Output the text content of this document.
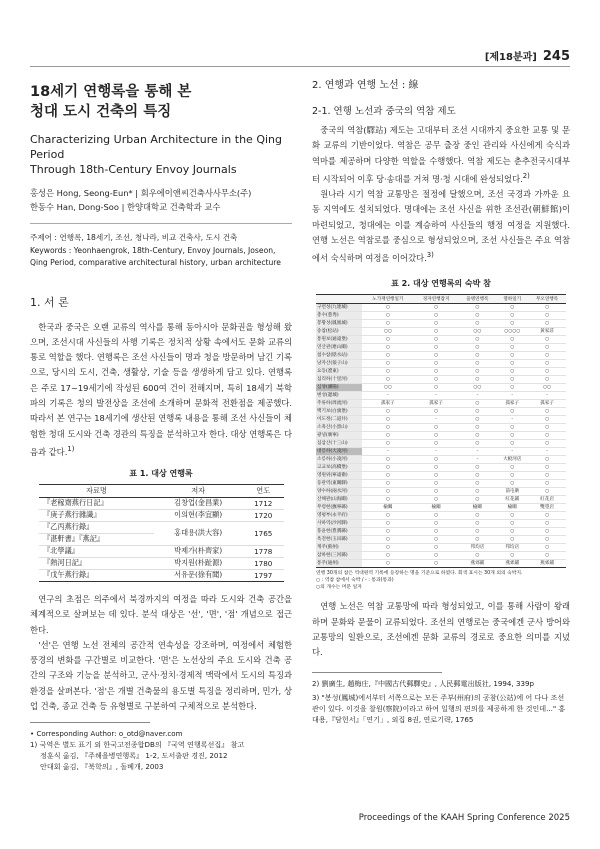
[제18분과] 245
18세기 연행록을 통해 본
청대 도시 건축의 특징
Characterizing Urban Architecture in the Qing Period
Through 18th-Century Envoy Journals
홍성은 Hong, Seong-Eun* | 회우에이앤씨건축사사무소(주)
한동수 Han, Dong-Soo | 한양대학교 건축학과 교수
주제어 : 연행록, 18세기, 조선, 청나라, 비교 건축사, 도시 건축
Keywords : Yeonhaengrok, 18th-Century, Envoy Journals, Joseon, Qing Period, comparative architectural history, urban architecture
1. 서 론

한국과 중국은 오랜 교류의 역사를 통해 동아시아 문화권을 형성해 왔으며, 조선시대 사신들의 사행 기록은 정치적 상황 속에서도 문화 교류의 통로 역할을 했다. 연행록은 조선 사신들이 명과 청을 방문하며 남긴 기록으로, 당시의 도시, 건축, 생활상, 기술 등을 생생하게 담고 있다. 연행록은 주로 17~19세기에 작성된 600여 건이 전해지며, 특히 18세기 북학파의 기록은 청의 발전상을 조선에 소개하며 문화적 전환점을 제공했다. 따라서 본 연구는 18세기에 생산된 연행록 내용을 통해 조선 사신들이 체험한 청대 도시와 건축 경관의 특징을 분석하고자 한다. 대상 연행록은 다음과 같다.$^{1)}$

표 1. 대상 연행록
자료명	저자	연도
『老稼齋燕行日記』	김창업(金昌業)	1712
『庚子燕行雜識』	이의현(李宜顯)	1720
『乙丙燕行錄』	홍대용(洪大容)	1765
『湛軒書』『燕記』		
『北學議』	박제가(朴齊家)	1778
『熱河日記』	박지원(朴趾源)	1780
『戊午燕行錄』	서유문(徐有聞)	1797

연구의 초점은 의주에서 북경까지의 여정을 따라 도시와 건축 공간을 체계적으로 살펴보는 데 있다. 분석 대상은 '선', '면', '점' 개념으로 접근한다.

'선'은 연행 노선 전체의 공간적 연속성을 강조하며, 여정에서 체험한 풍경의 변화를 구간별로 비교한다. '면'은 노선상의 주요 도시와 건축 공간의 구조와 기능을 분석하고, 군사·정치·경제적 맥락에서 도시의 특징과 환경을 살펴본다. '점'은 개별 건축물의 용도별 특징을 정리하며, 민가, 상업 건축, 종교 건축 등 유형별로 구분하여 구체적으로 분석한다.

• Corresponding Author: o_otd@naver.com
1) 국역은 별도 표기 외 한국고전종합DB의 『국역 연행록선집』 참고
정훈식 옮김, 『주해을병연행록』 1-2, 도서출판 경진, 2012
안대회 옮김, 『북학의』, 돌베개, 2003
2. 연행과 연행 노선 : 線
2-1. 연행 노선과 중국의 역참 제도

중국의 역참(驛站) 제도는 고대부터 조선 시대까지 중요한 교통 및 문화 교류의 기반이었다. 역참은 공무 출장 중인 관리와 사신에게 숙식과 역마를 제공하며 다양한 역할을 수행했다. 역참 제도는 춘추전국시대부터 시작되어 이후 당·송대를 거쳐 명·청 시대에 완성되었다.$^{2)}$

원나라 시기 역참 교통망은 절정에 달했으며, 조선 국경과 가까운 요동 지역에도 설치되었다. 명대에는 조선 사신을 위한 조선관(朝鮮館)이 마련되었고, 청대에는 이를 계승하여 사신들의 행정 여정을 지원했다. 연행 노선은 역참로를 중심으로 형성되었으며, 조선 사신들은 주요 역참에서 숙식하며 여정을 이어갔다.$^{3)}$

표 2. 대상 연행록의 숙박 참
	노가재연행일기	경자연행잡지	을병연행록	열하일기	무오연행록
구련성(九連城)	○	○	○	○	○
총수(葱秀)	○	○	○	○	○
봉황성(鳳凰城)	○	○	○	○	○
송참(松站)	○○	○	○○	○○○○	黃家莊
통원보(通遠堡)	○	○	○	○	○
연산관(連山關)	○	○	○	○	○
첨수참(甛水站)	○	○	○	○	○
낭자산(狼子山)	○	○	○	○	○
요동(遼東)	○	○	○	○	○
십리하(十里河)	○	○	○	○	○
심양(瀋陽)	○○	○	○○	○	○○
변성(邊城)	-	-	-	-	-
주류하(周流河)	孤家子	孤家子	○	孤家子	孤家子
백기보(白旗堡)	○	○	○	○	○
이도정(二道井)	○	-	○	-	○
소흑산(小黑山)	○	○	○	○	○
광녕(廣寧)	○	○	○	○	○
십삼산(十三山)	○	○	○	○	○
대릉하(大凌河)	-	-	-	-	-
소릉하(小凌河)	○	○	-	大板河店	○
고교보(高橋堡)	○	○	○	○	○
영원위(寧遠衛)	○	○	○	○	○
동관역(東關驛)	○	○	○	○	○
양수하(兩水河)	○	○	○	前屯衛	○
산해관(山海關)	○	○	○	紅花鋪	紅花店
무령현(撫寧縣)	榆關	榆關	榆關	榆關	雙望店
영평부(永平府)	○	○	○	○	○
사하역(沙河驛)	○	○	○	○	○
풍윤현(豊潤縣)	○	○	○	○	○
옥전현(玉田縣)	○	○	○	○	○
계주(薊州)	○	○	邦均店	邦均店	○
삼하현(三河縣)	○	○	○	○	○
통주(通州)	○	○	燕郊鋪	燕郊鋪	燕郊鋪
연행 30개의 참은 역대원역 기록에 등장하는 명을 기준으로 하였다. 회색 표시는 30개 외의 숙박지.
○ : 역참 참에서 숙박 / - : 통과(통과)
○의 개수는 머문 일자

연행 노선은 역참 교통망에 따라 형성되었고, 이를 통해 사람이 왕래하며 문화와 문물이 교류되었다. 조선의 연행로는 중국에겐 군사 방어와 교통망의 일환으로, 조선에겐 문화 교류의 경로로 중요한 의미를 지녔다.

2) 劉廣生, 趙梅庄,『中國古代郵驛史』, 人民郵電出版社, 1994, 339p
3) "봉성(鳳城)에서부터 서쪽으로는 모든 주부(州府)의 공참(公站)에 어 다나 조선관이 있다. 이것을 찰원(察院)이라고 하여 일행의 편의를 제공하게 한 것인데..." 홍대용,『담헌서』「연기」, 외집 8권, 연로기략, 1765
Proceedings of the KAAH Spring Conference 2025
